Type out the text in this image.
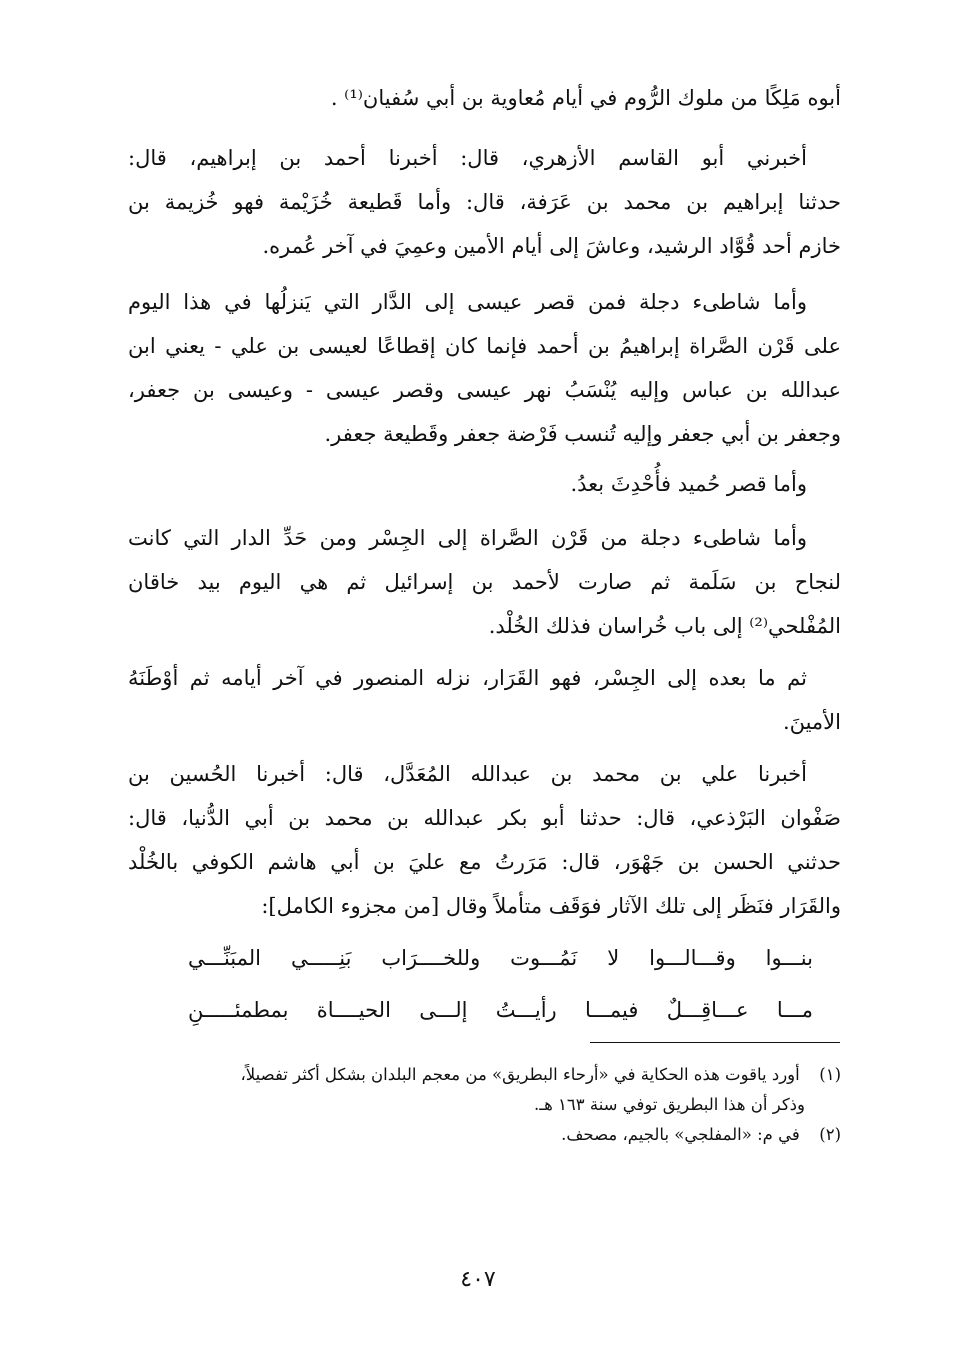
أبوه مَلِكًا من ملوك الرُّوم في أيام مُعاوية بن أبي سُفيان⁽¹⁾ .
أخبرني أبو القاسم الأزهري، قال: أخبرنا أحمد بن إبراهيم، قال:
حدثنا إبراهيم بن محمد بن عَرَفة، قال: وأما قَطيعة خُزَيْمة فهو خُزيمة بن
خازم أحد قُوَّاد الرشيد، وعاشَ إلى أيام الأمين وعمِيَ في آخر عُمره.
وأما شاطىء دجلة فمن قصر عيسى إلى الدَّار التي يَنزلُها في هذا اليوم
على قَرْن الصَّراة إبراهيمُ بن أحمد فإنما كان إقطاعًا لعيسى بن علي - يعني ابن
عبدالله بن عباس وإليه يُنْسَبُ نهر عيسى وقصر عيسى - وعيسى بن جعفر،
وجعفر بن أبي جعفر وإليه تُنسب فَرْضة جعفر وقَطيعة جعفر.
وأما قصر حُميد فأُحْدِثَ بعدُ.
وأما شاطىء دجلة من قَرْن الصَّراة إلى الجِسْر ومن حَدِّ الدار التي كانت
لنجاح بن سَلَمة ثم صارت لأحمد بن إسرائيل ثم هي اليوم بيد خاقان
المُفْلحي⁽²⁾ إلى باب خُراسان فذلك الخُلْد.
ثم ما بعده إلى الجِسْر، فهو القَرَار، نزله المنصور في آخر أيامه ثم أوْطَنَهُ
الأمينَ.
أخبرنا علي بن محمد بن عبدالله المُعَدَّل، قال: أخبرنا الحُسين بن
صَفْوان البَرْذعي، قال: حدثنا أبو بكر عبدالله بن محمد بن أبي الدُّنيا، قال:
حدثني الحسن بن جَهْوَر، قال: مَرَرتُ مع عليَ بن أبي هاشم الكوفي بالخُلْد
والقَرَار فنَظَر إلى تلك الآثار فوَقَف متأملاً وقال [من مجزوء الكامل]:
بنـــوا وقـــالـــوا لا نَمُـــوت وللخــــرَاب بَنِـــــي المبَنِّـــي
مـــا عـــاقِـــلٌ فيمـــا رأيـــتُ إلـــى الحيــــاة بمطمئـــــنِ
(١) أورد ياقوت هذه الحكاية في «أرحاء البطريق» من معجم البلدان بشكل أكثر تفصيلاً،
وذكر أن هذا البطريق توفي سنة ١٦٣ هـ.
(٢) في م: «المفلجي» بالجيم، مصحف.
٤٠٧
